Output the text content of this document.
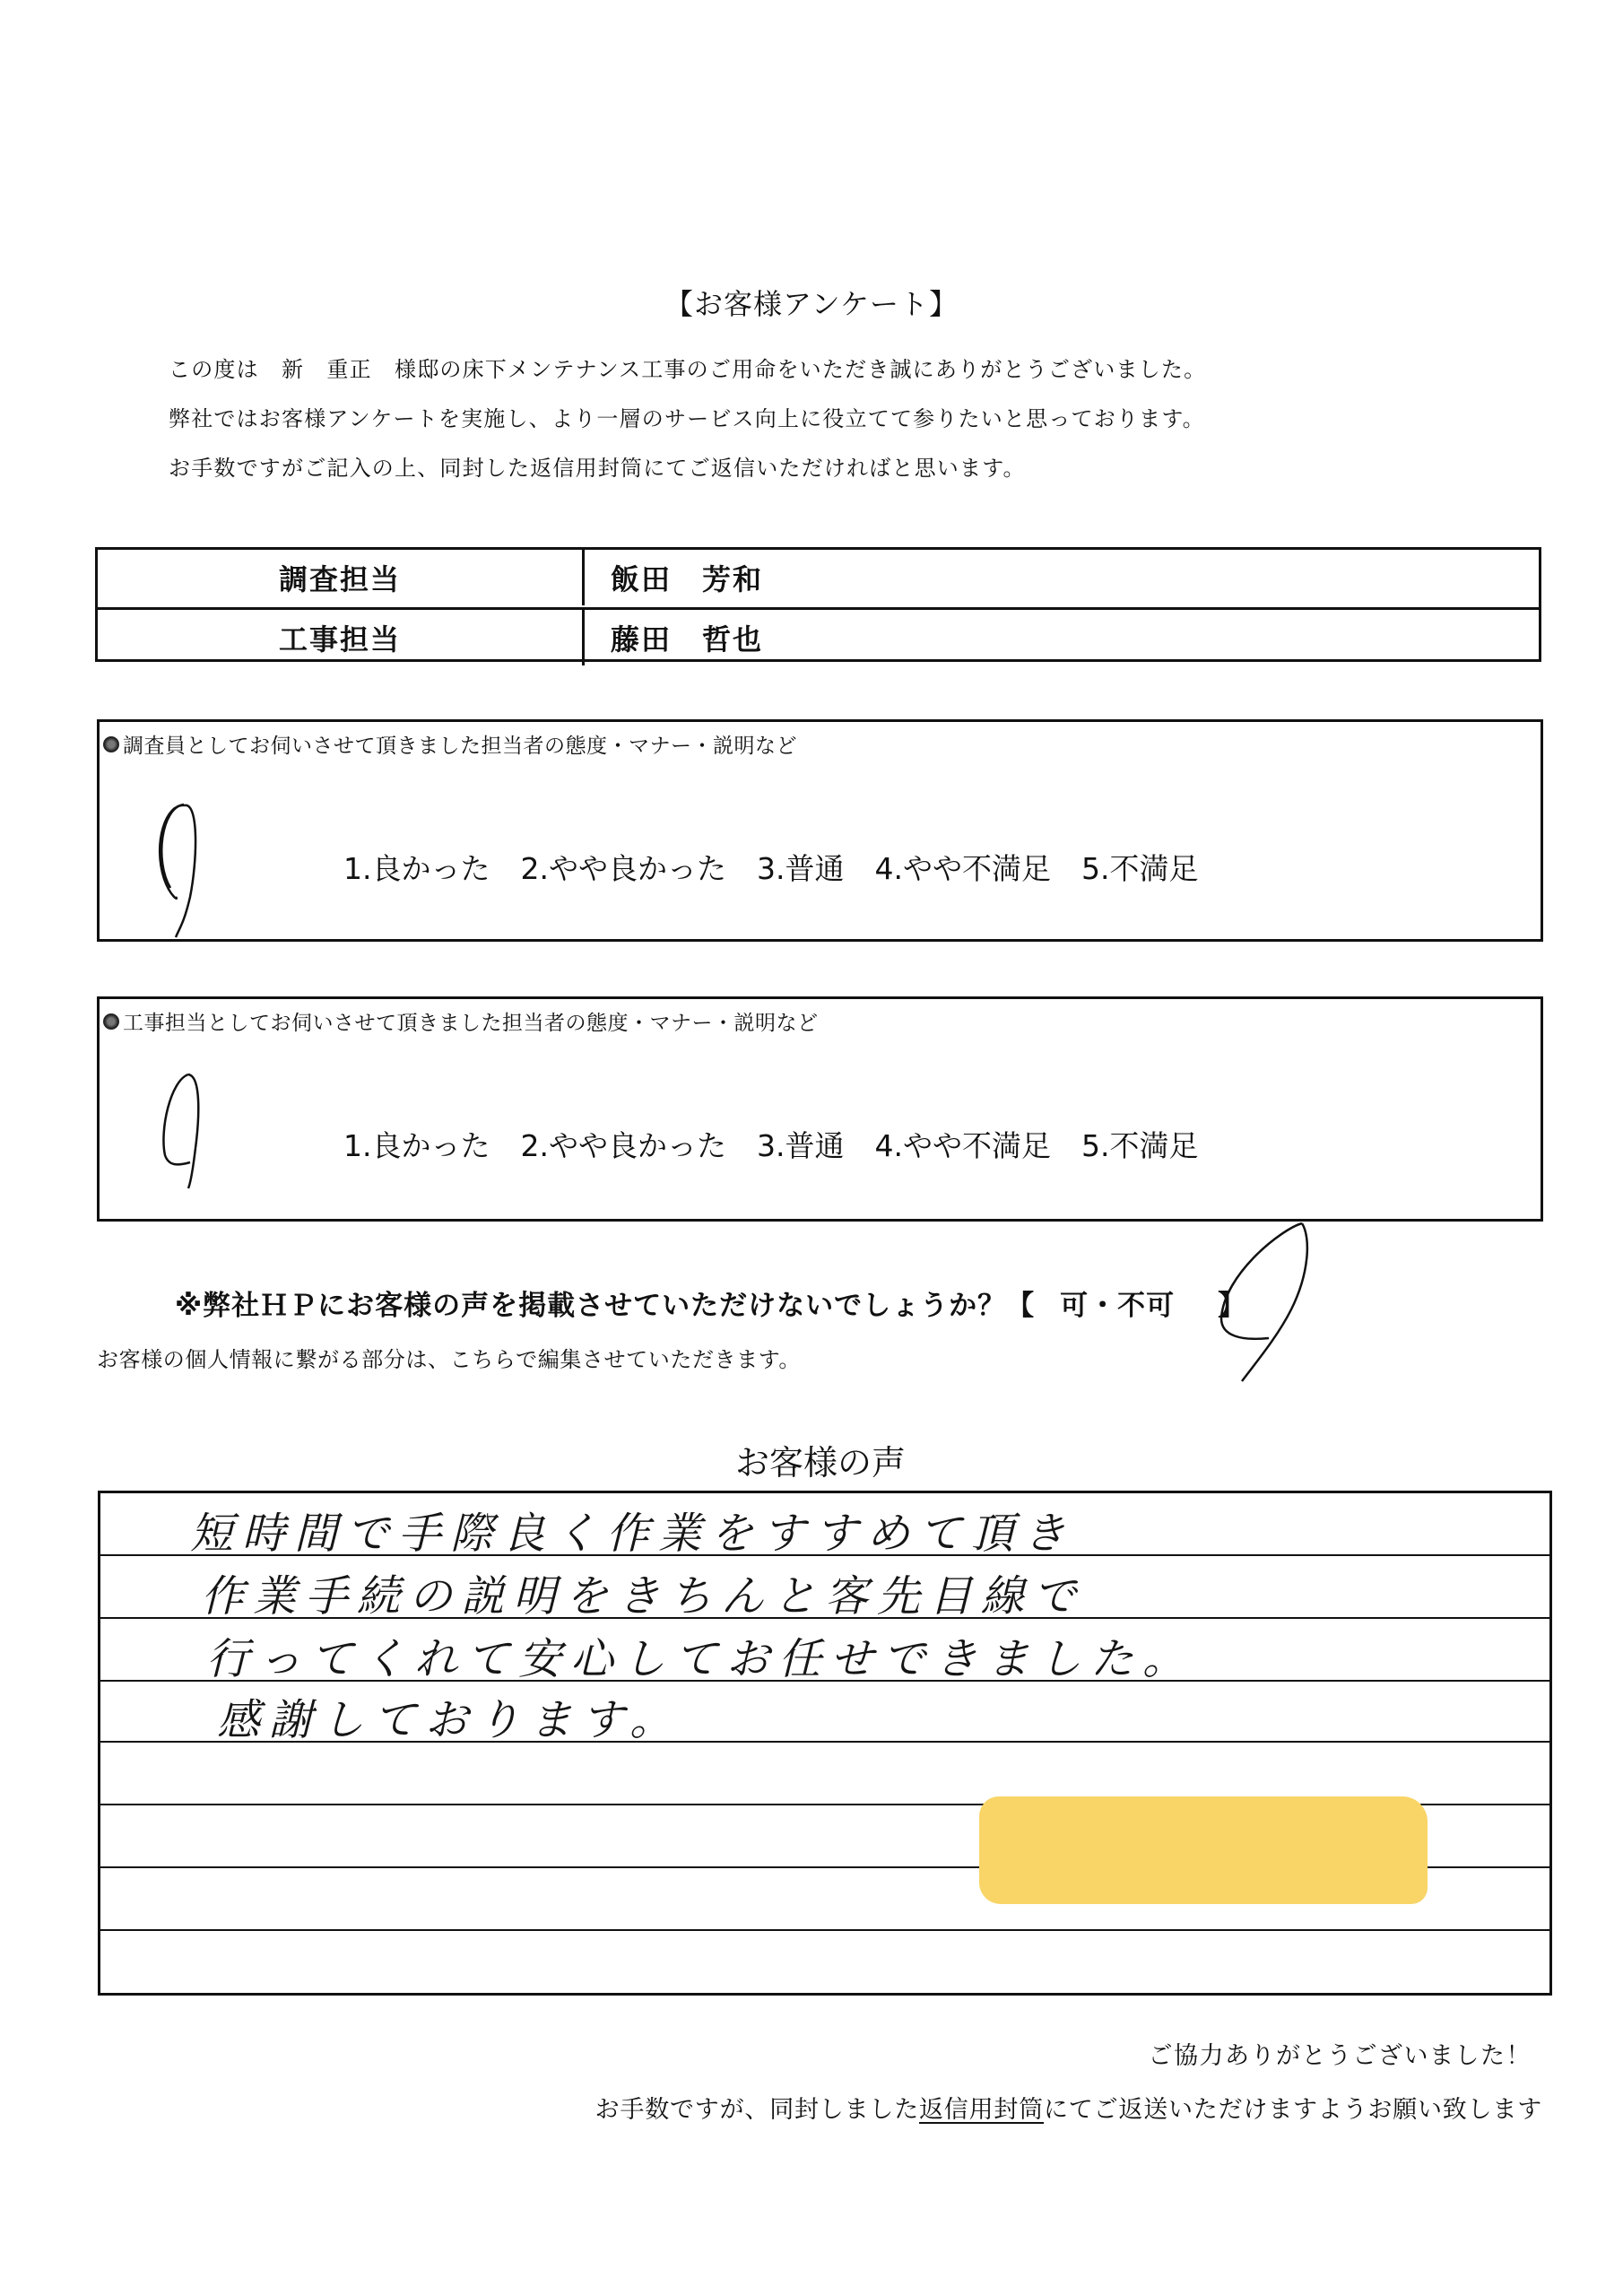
【お客様アンケート】
この度は　新　重正　様邸の床下メンテナンス工事のご用命をいただき誠にありがとうございました。
弊社ではお客様アンケートを実施し、より一層のサービス向上に役立てて参りたいと思っております。
お手数ですがご記入の上、同封した返信用封筒にてご返信いただければと思います。
調査担当	飯田　芳和
工事担当	藤田　哲也
調査員としてお伺いさせて頂きました担当者の態度・マナー・説明など
1.良かった 2.やや良かった 3.普通 4.やや不満足 5.不満足
工事担当としてお伺いさせて頂きました担当者の態度・マナー・説明など
1.良かった 2.やや良かった 3.普通 4.やや不満足 5.不満足
※弊社ＨＰにお客様の声を掲載させていただけないでしょうか？【 可・不可 】
お客様の個人情報に繋がる部分は、こちらで編集させていただきます。
お客様の声
短時間で手際良く作業をすすめて頂き
作業手続の説明をきちんと客先目線で
行ってくれて安心してお任せできました。
感謝しております。
ご協力ありがとうございました！
お手数ですが、同封しました返信用封筒にてご返送いただけますようお願い致します
